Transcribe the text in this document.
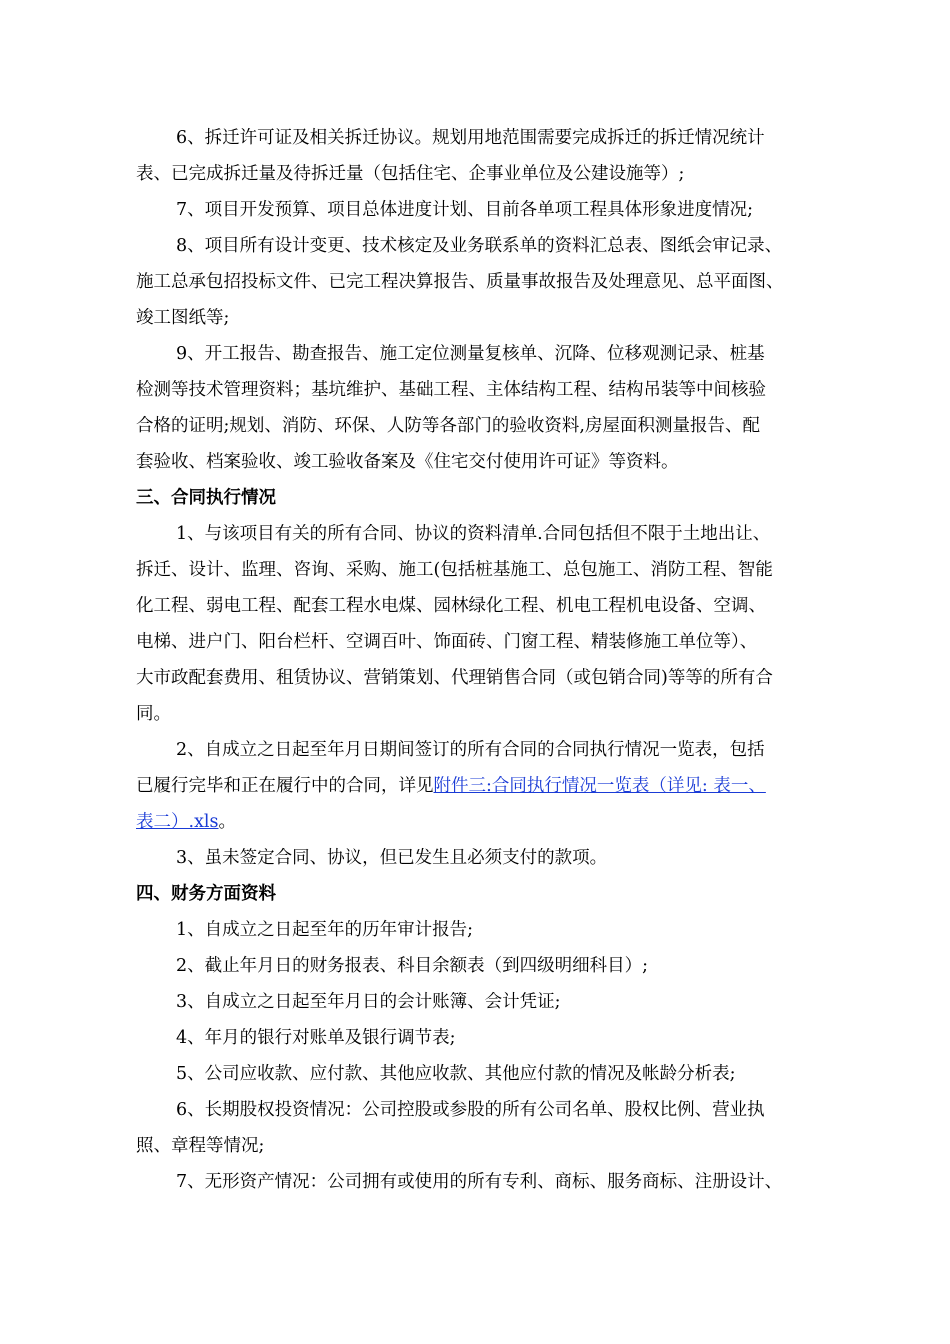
6、拆迁许可证及相关拆迁协议。规划用地范围需要完成拆迁的拆迁情况统计
表、已完成拆迁量及待拆迁量（包括住宅、企事业单位及公建设施等）;
7、项目开发预算、项目总体进度计划、目前各单项工程具体形象进度情况;
8、项目所有设计变更、技术核定及业务联系单的资料汇总表、图纸会审记录、
施工总承包招投标文件、已完工程决算报告、质量事故报告及处理意见、总平面图、
竣工图纸等;
9、开工报告、勘查报告、施工定位测量复核单、沉降、位移观测记录、桩基
检测等技术管理资料；基坑维护、基础工程、主体结构工程、结构吊装等中间核验
合格的证明;规划、消防、环保、人防等各部门的验收资料,房屋面积测量报告、配
套验收、档案验收、竣工验收备案及《住宅交付使用许可证》等资料。
三、合同执行情况
1、与该项目有关的所有合同、协议的资料清单.合同包括但不限于土地出让、
拆迁、设计、监理、咨询、采购、施工(包括桩基施工、总包施工、消防工程、智能
化工程、弱电工程、配套工程水电煤、园林绿化工程、机电工程机电设备、空调、
电梯、进户门、阳台栏杆、空调百叶、饰面砖、门窗工程、精装修施工单位等）、
大市政配套费用、租赁协议、营销策划、代理销售合同（或包销合同)等等的所有合
同。
2、自成立之日起至年月日期间签订的所有合同的合同执行情况一览表，包括
已履行完毕和正在履行中的合同，详见附件三:合同执行情况一览表（详见: 表一、
表二）.xls。
3、虽未签定合同、协议，但已发生且必须支付的款项。
四、财务方面资料
1、自成立之日起至年的历年审计报告;
2、截止年月日的财务报表、科目余额表（到四级明细科目）;
3、自成立之日起至年月日的会计账簿、会计凭证;
4、年月的银行对账单及银行调节表;
5、公司应收款、应付款、其他应收款、其他应付款的情况及帐龄分析表;
6、长期股权投资情况：公司控股或参股的所有公司名单、股权比例、营业执
照、章程等情况;
7、无形资产情况：公司拥有或使用的所有专利、商标、服务商标、注册设计、
